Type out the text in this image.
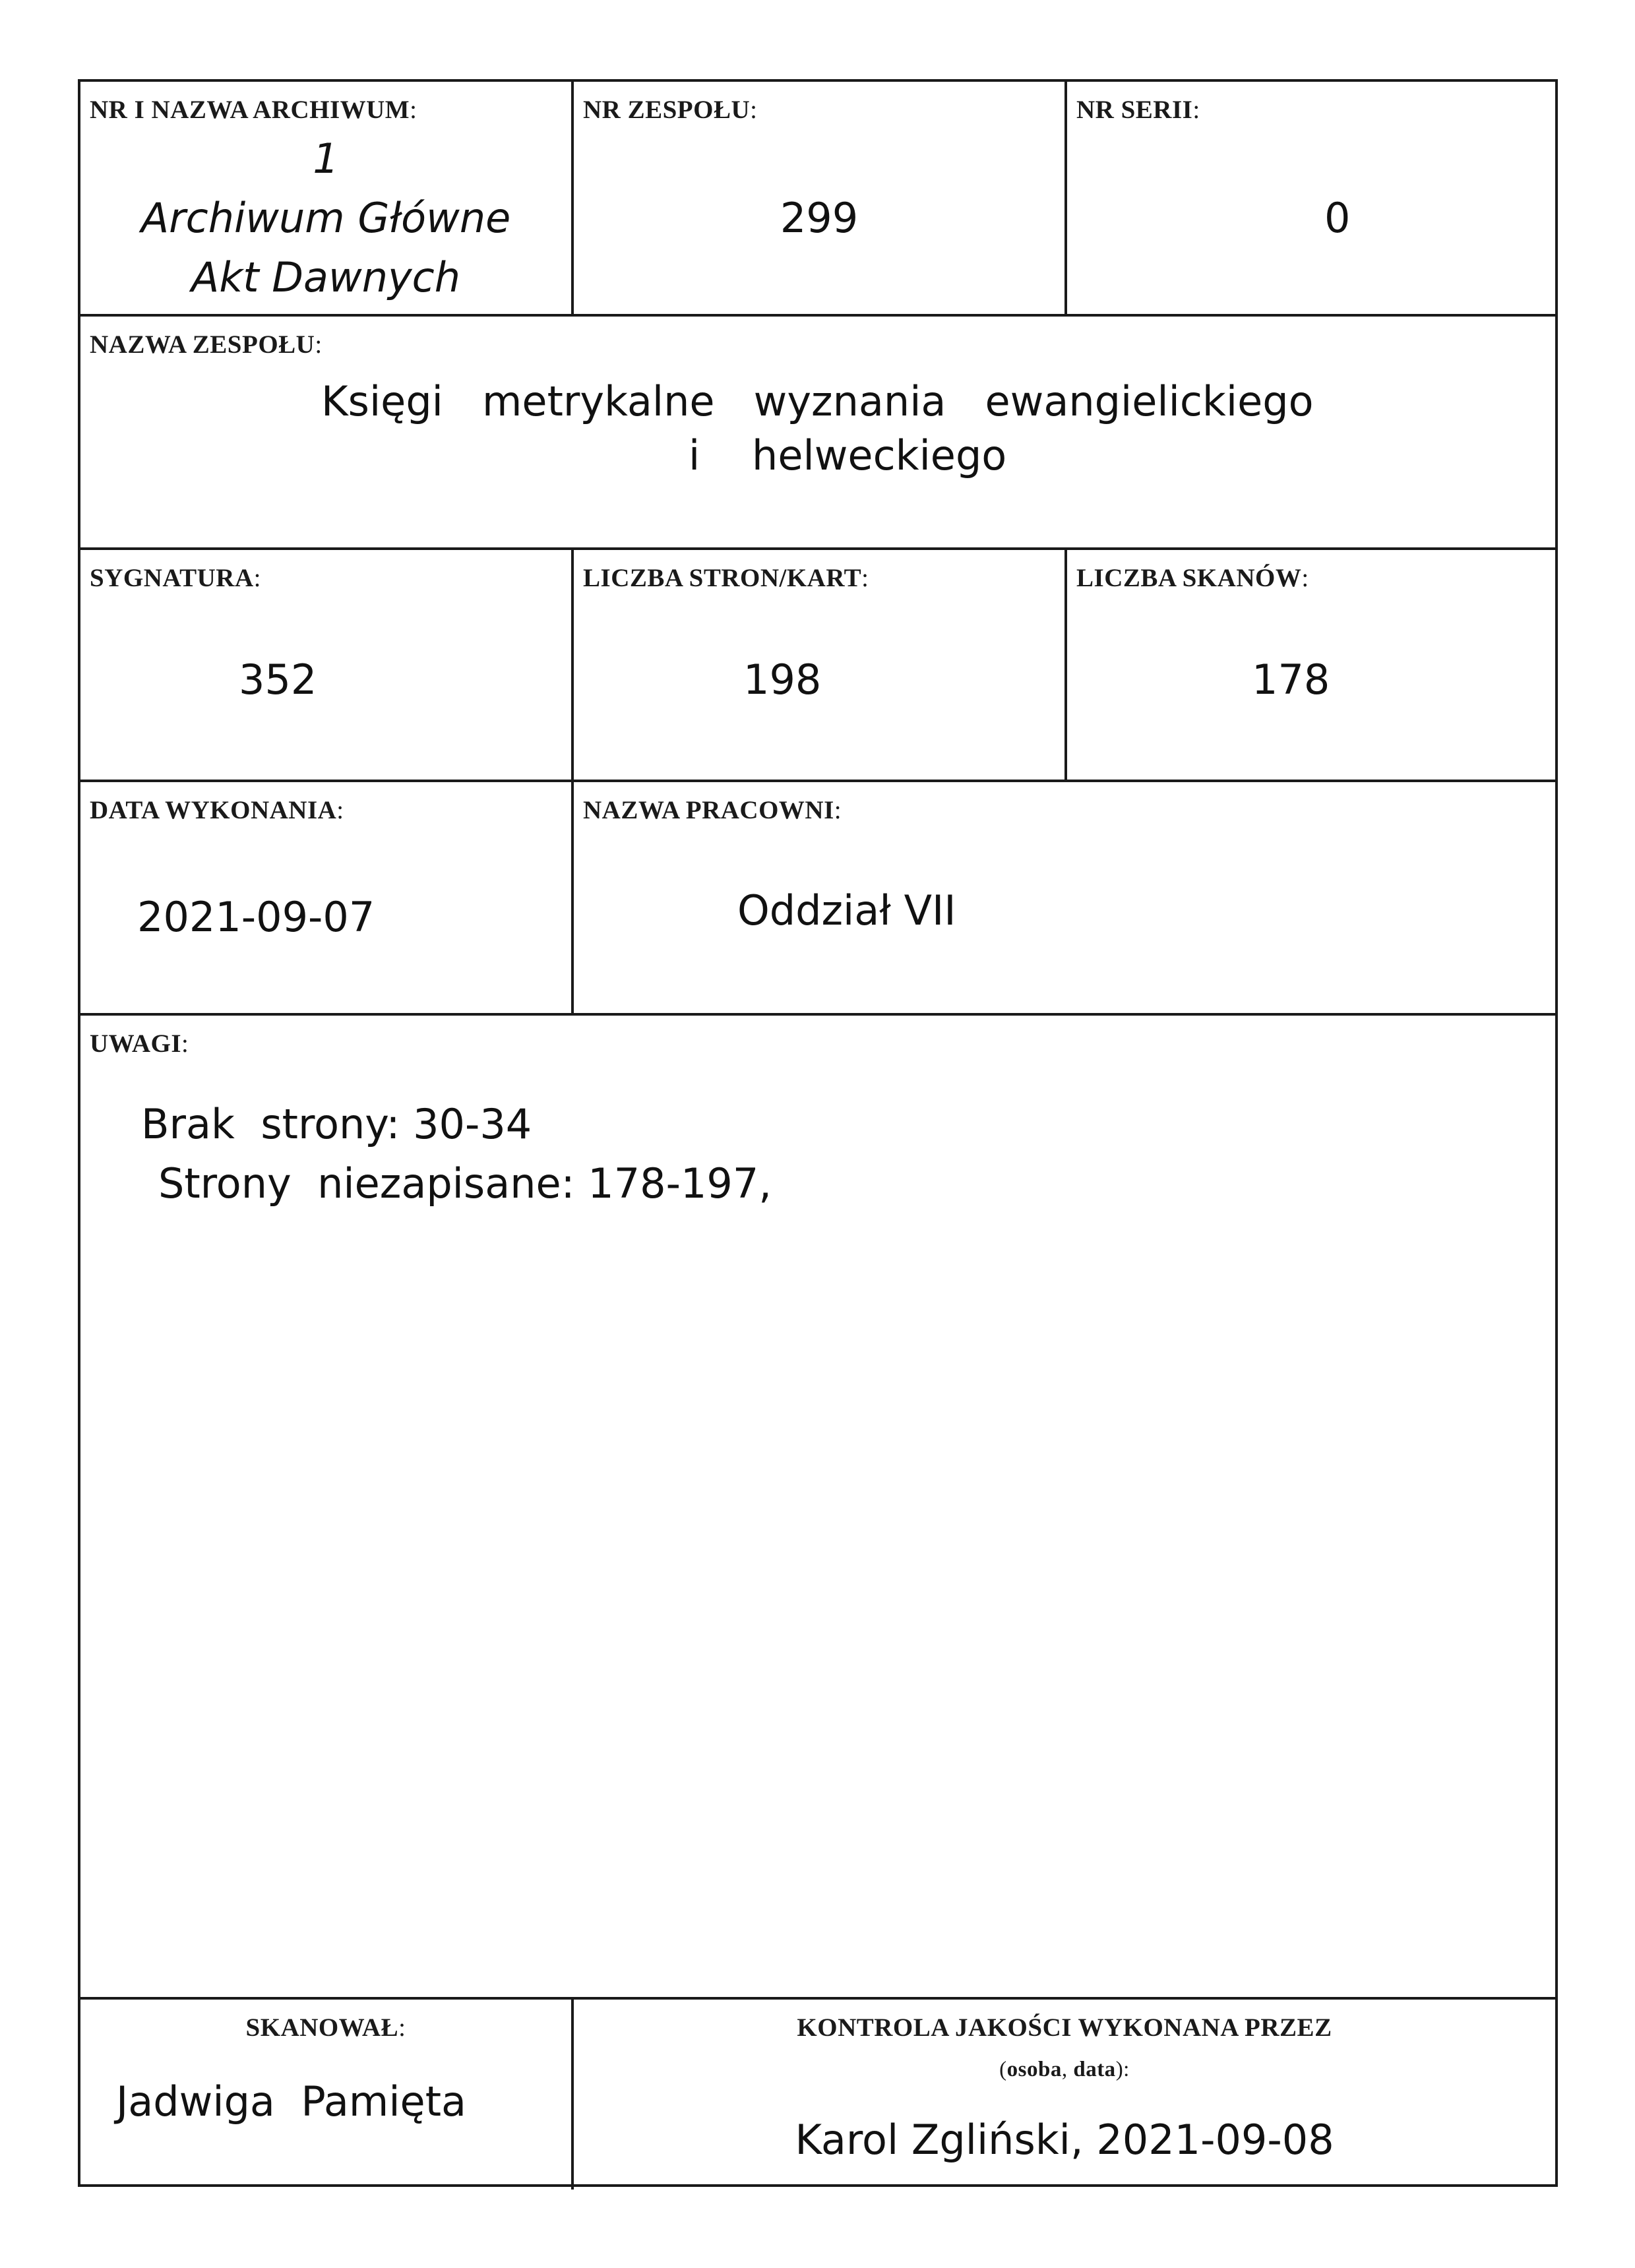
NR I NAZWA ARCHIWUM:
1
Archiwum Główne
Akt Dawnych
NR ZESPOŁU:
299
NR SERII:
0
NAZWA ZESPOŁU:
Księgi   metrykalne   wyznania   ewangielickiego
i    helweckiego
SYGNATURA:
352
LICZBA STRON/KART:
198
LICZBA SKANÓW:
178
DATA WYKONANIA:
2021-09-07
NAZWA PRACOWNI:
Oddział VII
UWAGI:
Brak  strony: 30-34
Strony  niezapisane: 178-197,
SKANOWAŁ:
Jadwiga  Pamięta
KONTROLA JAKOŚCI WYKONANA PRZEZ
(osoba, data):
Karol Zgliński, 2021-09-08
